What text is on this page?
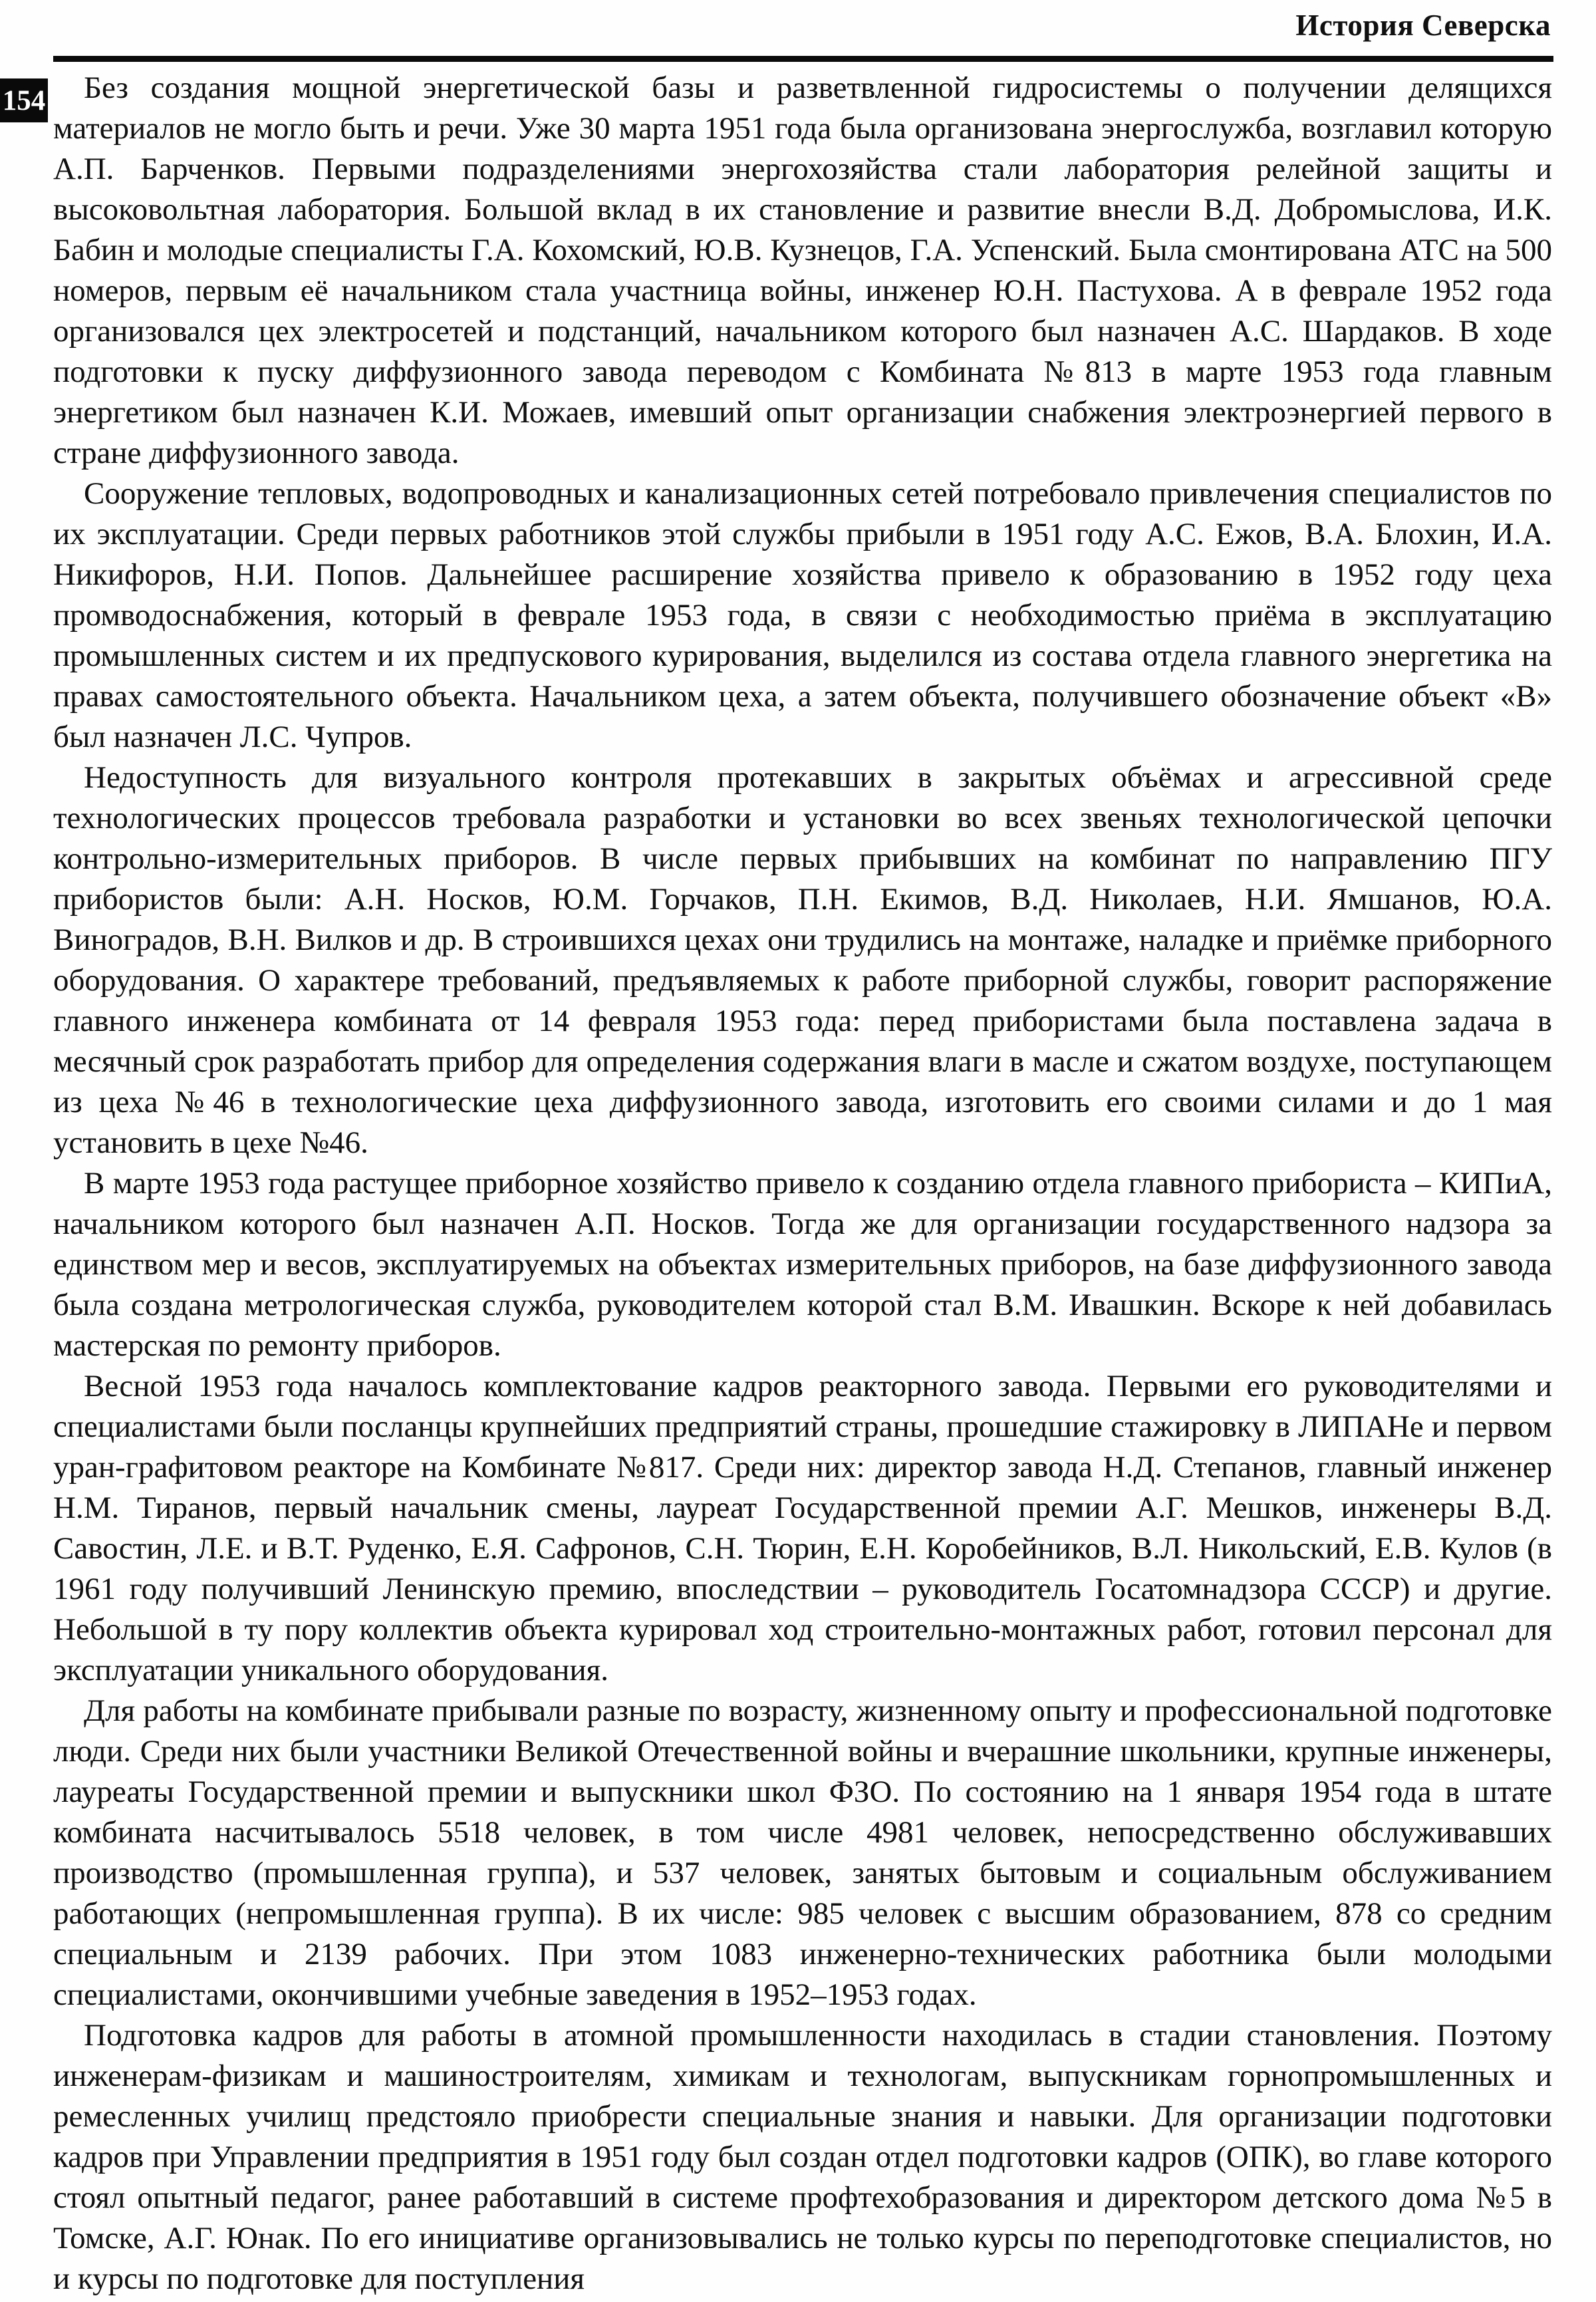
История Северска
154	Без создания мощной энергетической базы и разветвленной гидросистемы о получении делящихся материалов не могло быть и речи. Уже 30 марта 1951 года была организована энергослужба, возглавил которую А.П. Барченков. Первыми подразделениями энергохозяйства стали лаборатория релейной защиты и высоковольтная лаборатория. Большой вклад в их становление и развитие внесли В.Д. Добромыслова, И.К. Бабин и молодые специалисты Г.А. Кохомский, Ю.В. Кузнецов, Г.А. Успенский. Была смонтирована АТС на 500 номеров, первым её начальником стала участница войны, инженер Ю.Н. Пастухова. А в феврале 1952 года организовался цех электросетей и подстанций, начальником которого был назначен А.С. Шардаков. В ходе подготовки к пуску диффузионного завода переводом с Комбината №813 в марте 1953 года главным энергетиком был назначен К.И. Можаев, имевший опыт организации снабжения электроэнергией первого в стране диффузионного завода.

Сооружение тепловых, водопроводных и канализационных сетей потребовало привлечения специалистов по их эксплуатации. Среди первых работников этой службы прибыли в 1951 году А.С. Ежов, В.А. Блохин, И.А. Никифоров, Н.И. Попов. Дальнейшее расширение хозяйства привело к образованию в 1952 году цеха промводоснабжения, который в феврале 1953 года, в связи с необходимостью приёма в эксплуатацию промышленных систем и их предпускового курирования, выделился из состава отдела главного энергетика на правах самостоятельного объекта. Начальником цеха, а затем объекта, получившего обозначение объект «В» был назначен Л.С. Чупров.

Недоступность для визуального контроля протекавших в закрытых объёмах и агрессивной среде технологических процессов требовала разработки и установки во всех звеньях технологической цепочки контрольно-измерительных приборов. В числе первых прибывших на комбинат по направлению ПГУ прибористов были: А.Н. Носков, Ю.М. Горчаков, П.Н. Екимов, В.Д. Николаев, Н.И. Ямшанов, Ю.А. Виноградов, В.Н. Вилков и др. В строившихся цехах они трудились на монтаже, наладке и приёмке приборного оборудования. О характере требований, предъявляемых к работе приборной службы, говорит распоряжение главного инженера комбината от 14 февраля 1953 года: перед прибористами была поставлена задача в месячный срок разработать прибор для определения содержания влаги в масле и сжатом воздухе, поступающем из цеха №46 в технологические цеха диффузионного завода, изготовить его своими силами и до 1 мая установить в цехе №46.

В марте 1953 года растущее приборное хозяйство привело к созданию отдела главного прибориста – КИПиА, начальником которого был назначен А.П. Носков. Тогда же для организации государственного надзора за единством мер и весов, эксплуатируемых на объектах измерительных приборов, на базе диффузионного завода была создана метрологическая служба, руководителем которой стал В.М. Ивашкин. Вскоре к ней добавилась мастерская по ремонту приборов.

Весной 1953 года началось комплектование кадров реакторного завода. Первыми его руководителями и специалистами были посланцы крупнейших предприятий страны, прошедшие стажировку в ЛИПАНе и первом уран-графитовом реакторе на Комбинате №817. Среди них: директор завода Н.Д. Степанов, главный инженер Н.М. Тиранов, первый начальник смены, лауреат Государственной премии А.Г. Мешков, инженеры В.Д. Савостин, Л.Е. и В.Т. Руденко, Е.Я. Сафронов, С.Н. Тюрин, Е.Н. Коробейников, В.Л. Никольский, Е.В. Кулов (в 1961 году получивший Ленинскую премию, впоследствии – руководитель Госатомнадзора СССР) и другие. Небольшой в ту пору коллектив объекта курировал ход строительно-монтажных работ, готовил персонал для эксплуатации уникального оборудования.

Для работы на комбинате прибывали разные по возрасту, жизненному опыту и профессиональной подготовке люди. Среди них были участники Великой Отечественной войны и вчерашние школьники, крупные инженеры, лауреаты Государственной премии и выпускники школ ФЗО. По состоянию на 1 января 1954 года в штате комбината насчитывалось 5518 человек, в том числе 4981 человек, непосредственно обслуживавших производство (промышленная группа), и 537 человек, занятых бытовым и социальным обслуживанием работающих (непромышленная группа). В их числе: 985 человек с высшим образованием, 878 со средним специальным и 2139 рабочих. При этом 1083 инженерно-технических работника были молодыми специалистами, окончившими учебные заведения в 1952–1953 годах.

Подготовка кадров для работы в атомной промышленности находилась в стадии становления. Поэтому инженерам-физикам и машиностроителям, химикам и технологам, выпускникам горнопромышленных и ремесленных училищ предстояло приобрести специальные знания и навыки. Для организации подготовки кадров при Управлении предприятия в 1951 году был создан отдел подготовки кадров (ОПК), во главе которого стоял опытный педагог, ранее работавший в системе профтехобразования и директором детского дома №5 в Томске, А.Г. Юнак. По его инициативе организовывались не только курсы по переподготовке специалистов, но и курсы по подготовке для поступления
